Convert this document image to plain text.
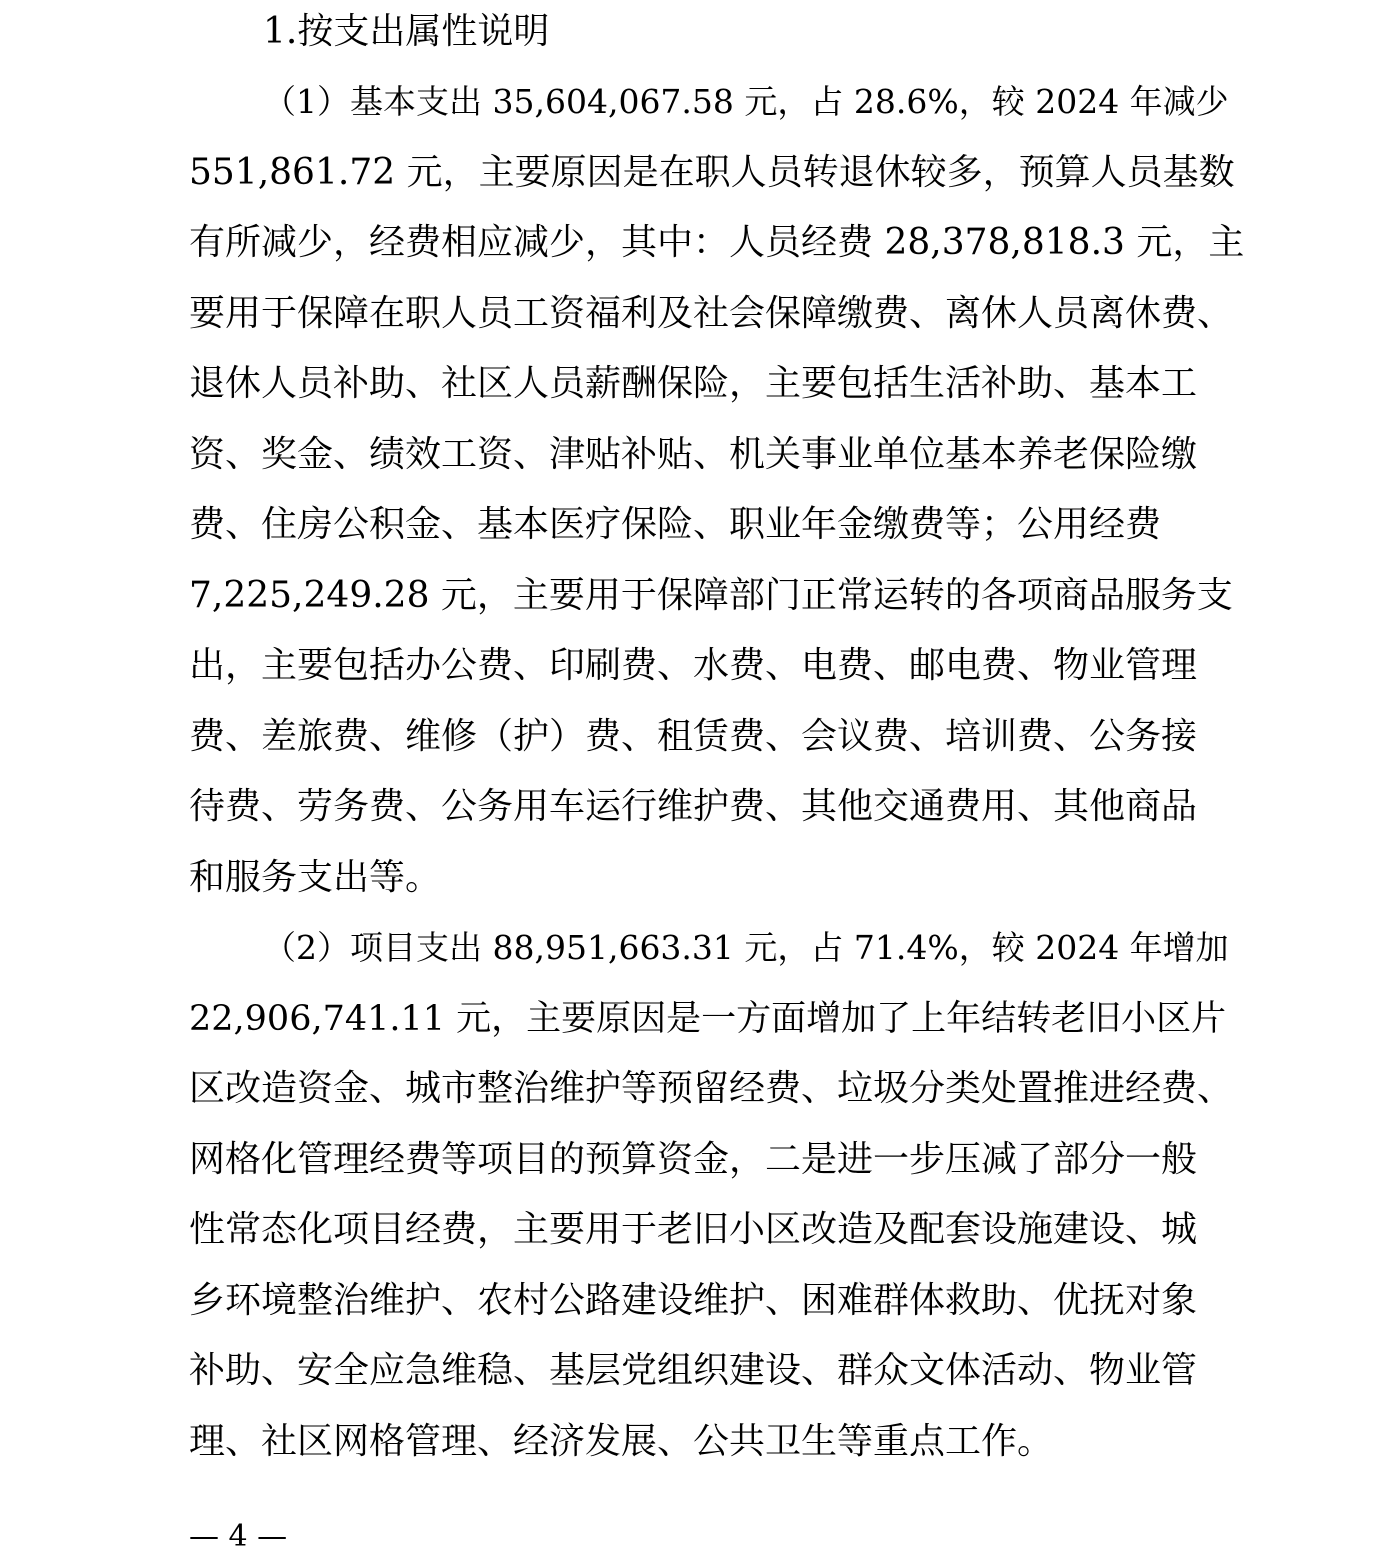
1.按支出属性说明
（1）基本支出 35,604,067.58 元，占 28.6%，较 2024 年减少
551,861.72 元，主要原因是在职人员转退休较多，预算人员基数
有所减少，经费相应减少，其中：人员经费 28,378,818.3 元，主
要用于保障在职人员工资福利及社会保障缴费、离休人员离休费、
退休人员补助、社区人员薪酬保险，主要包括生活补助、基本工
资、奖金、绩效工资、津贴补贴、机关事业单位基本养老保险缴
费、住房公积金、基本医疗保险、职业年金缴费等；公用经费
7,225,249.28 元，主要用于保障部门正常运转的各项商品服务支
出，主要包括办公费、印刷费、水费、电费、邮电费、物业管理
费、差旅费、维修（护）费、租赁费、会议费、培训费、公务接
待费、劳务费、公务用车运行维护费、其他交通费用、其他商品
和服务支出等。
（2）项目支出 88,951,663.31 元，占 71.4%，较 2024 年增加
22,906,741.11 元，主要原因是一方面增加了上年结转老旧小区片
区改造资金、城市整治维护等预留经费、垃圾分类处置推进经费、
网格化管理经费等项目的预算资金，二是进一步压减了部分一般
性常态化项目经费，主要用于老旧小区改造及配套设施建设、城
乡环境整治维护、农村公路建设维护、困难群体救助、优抚对象
补助、安全应急维稳、基层党组织建设、群众文体活动、物业管
理、社区网格管理、经济发展、公共卫生等重点工作。
— 4 —
